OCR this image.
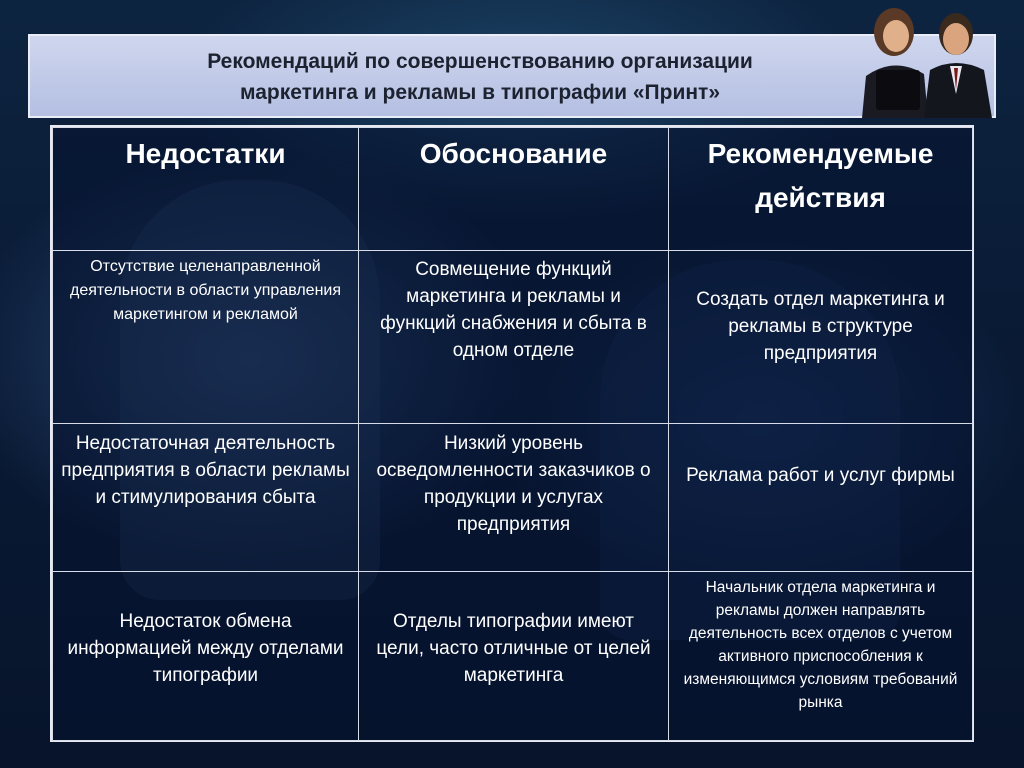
Рекомендаций по совершенствованию организации
маркетинга и рекламы в типографии «Принт»
Недостатки	Обоснование	Рекомендуемые действия
Отсутствие целенаправленной деятельности в области управления маркетингом и рекламой	Совмещение функций маркетинга и рекламы и функций снабжения и сбыта в одном отделе	Создать отдел маркетинга и рекламы в структуре предприятия
Недостаточная деятельность предприятия в области рекламы и стимулирования сбыта	Низкий уровень осведомленности заказчиков о продукции и услугах предприятия	Реклама работ и услуг фирмы
Недостаток обмена информацией между отделами типографии	Отделы типографии имеют цели, часто отличные от целей маркетинга	Начальник отдела маркетинга и рекламы должен направлять деятельность всех отделов с учетом активного приспособления к изменяющимся условиям требований рынка
